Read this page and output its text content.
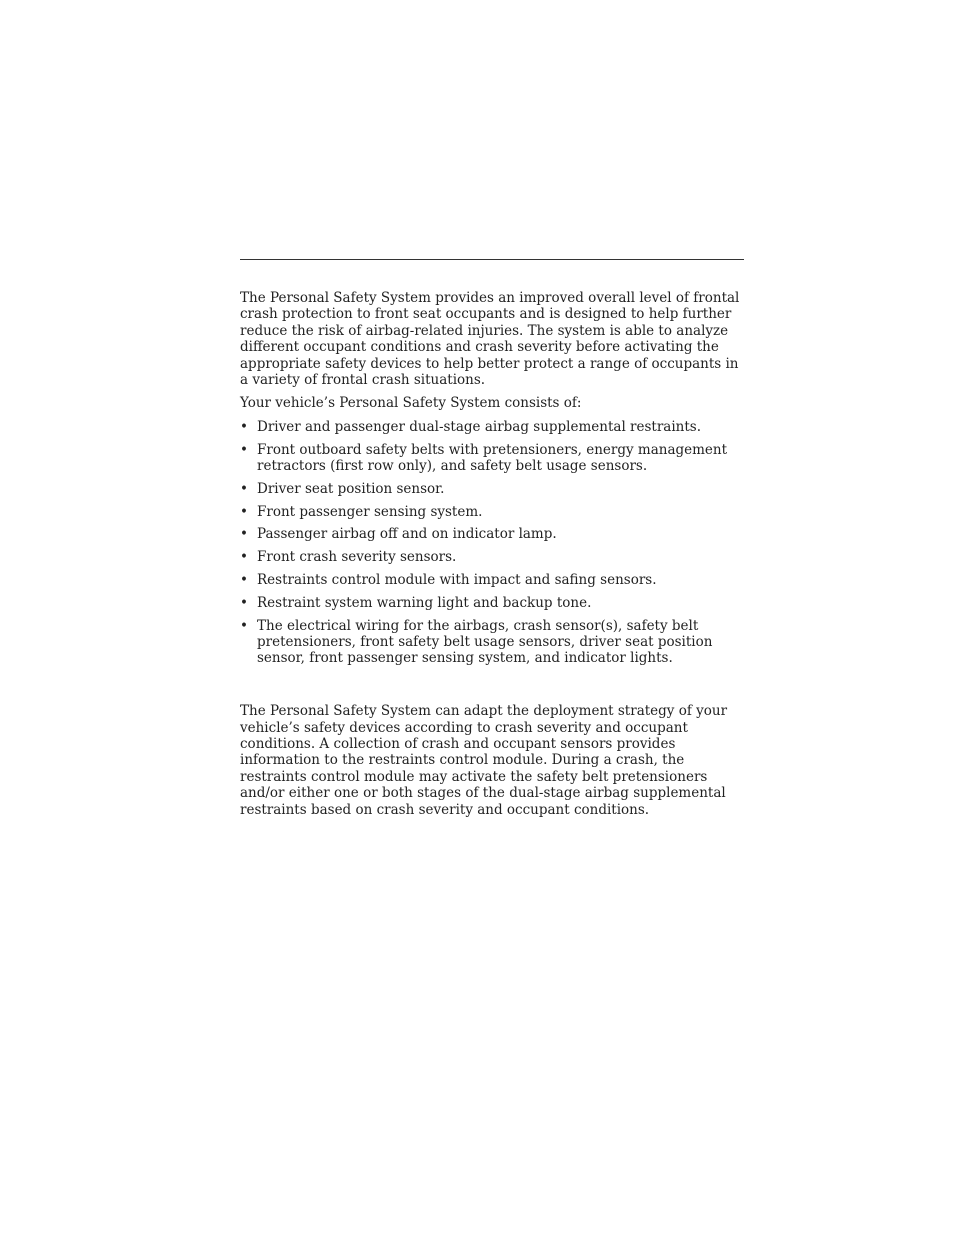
The Personal Safety System provides an improved overall level of frontal crash protection to front seat occupants and is designed to help further reduce the risk of airbag-related injuries. The system is able to analyze different occupant conditions and crash severity before activating the appropriate safety devices to help better protect a range of occupants in a variety of frontal crash situations.

Your vehicle’s Personal Safety System consists of:

• Driver and passenger dual-stage airbag supplemental restraints.
• Front outboard safety belts with pretensioners, energy management retractors (first row only), and safety belt usage sensors.
• Driver seat position sensor.
• Front passenger sensing system.
• Passenger airbag off and on indicator lamp.
• Front crash severity sensors.
• Restraints control module with impact and safing sensors.
• Restraint system warning light and backup tone.
• The electrical wiring for the airbags, crash sensor(s), safety belt pretensioners, front safety belt usage sensors, driver seat position sensor, front passenger sensing system, and indicator lights.

The Personal Safety System can adapt the deployment strategy of your vehicle’s safety devices according to crash severity and occupant conditions. A collection of crash and occupant sensors provides information to the restraints control module. During a crash, the restraints control module may activate the safety belt pretensioners and/or either one or both stages of the dual-stage airbag supplemental restraints based on crash severity and occupant conditions.
